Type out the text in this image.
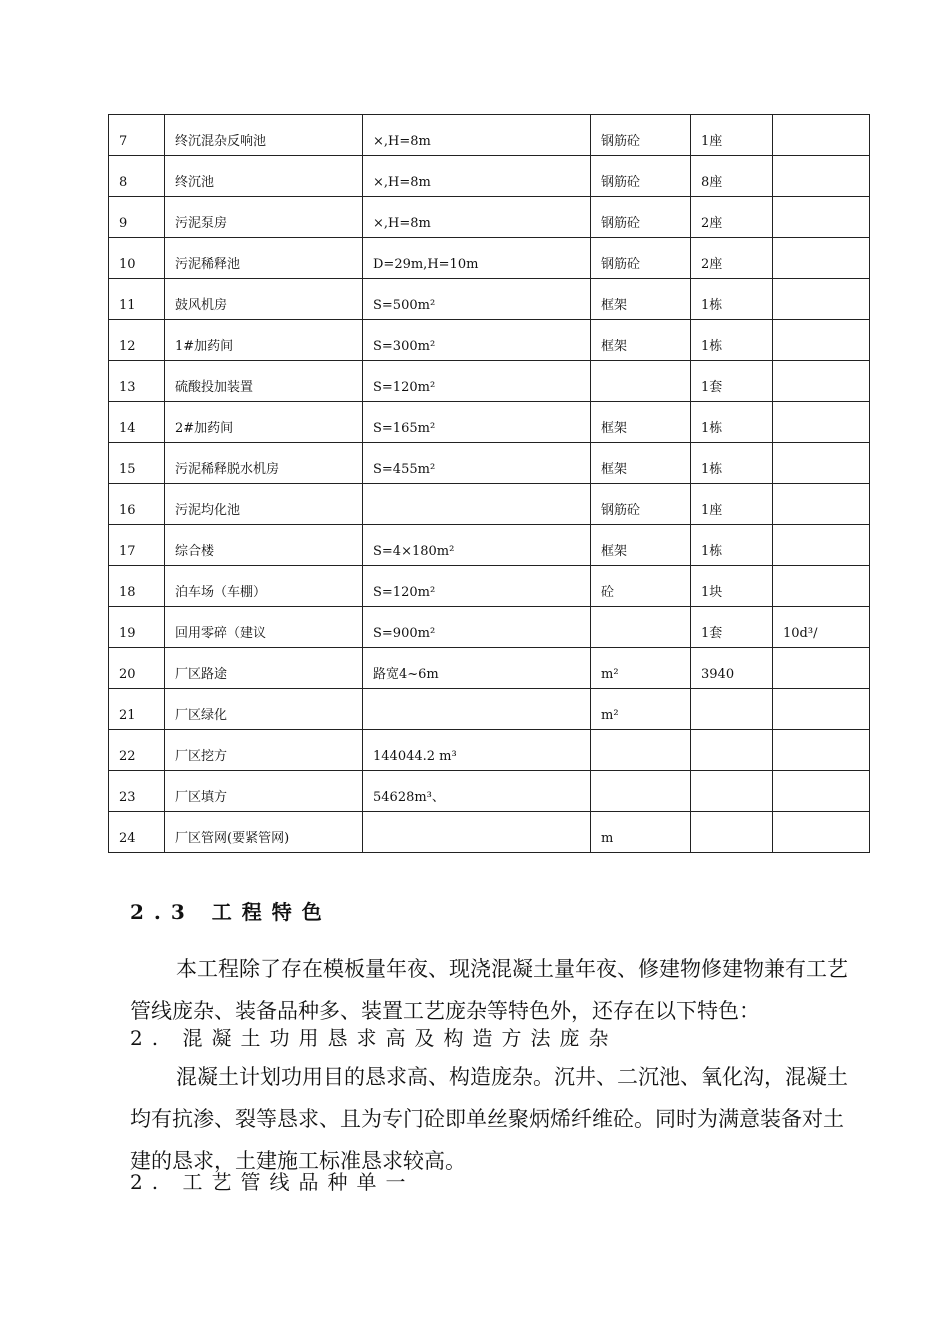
7	终沉混杂反响池	×,H=8m	钢筋砼	1座	
8	终沉池	×,H=8m	钢筋砼	8座	
9	污泥泵房	×,H=8m	钢筋砼	2座	
10	污泥稀释池	D=29m,H=10m	钢筋砼	2座	
11	鼓风机房	S=500m²	框架	1栋	
12	1#加药间	S=300m²	框架	1栋	
13	硫酸投加装置	S=120m²		1套	
14	2#加药间	S=165m²	框架	1栋	
15	污泥稀释脱水机房	S=455m²	框架	1栋	
16	污泥均化池		钢筋砼	1座	
17	综合楼	S=4×180m²	框架	1栋	
18	泊车场（车棚）	S=120m²	砼	1块	
19	回用零碎（建议	S=900m²		1套	10d³/
20	厂区路途	路宽4~6m	m²	3940	
21	厂区绿化		m²		
22	厂区挖方	144044.2 m³			
23	厂区填方	54628m³、			
24	厂区管网(要紧管网)		m		
2.3 工程特色
本工程除了存在模板量年夜、现浇混凝土量年夜、修建物修建物兼有工艺管线庞杂、装备品种多、装置工艺庞杂等特色外，还存在以下特色：
2. 混凝土功用恳求高及构造方法庞杂
混凝土计划功用目的恳求高、构造庞杂。沉井、二沉池、氧化沟，混凝土均有抗渗、裂等恳求、且为专门砼即单丝聚炳烯纤维砼。同时为满意装备对土建的恳求，土建施工标准恳求较高。
2. 工艺管线品种单一
